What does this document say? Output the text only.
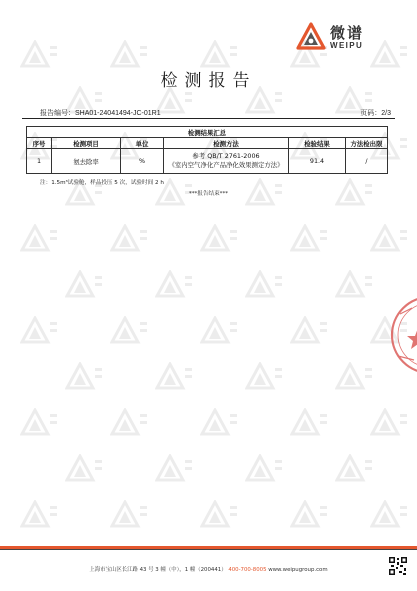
微谱
WEIPU
检测报告
报告编号：SHA01-24041494-JC-01R1	页码：2/3
检测结果汇总					
序号	检测项目	单位	检测方法	检验结果	方法检出限
1	氨去除率	%	参考 QB/T 2761-2006
《室内空气净化产品净化效果测定方法》	91.4	/
注：1.5m³试验舱，样品投压 5 次，试验时间 2 h
***报告结束***
上海市宝山区长江路 43 号 3 幢（中），1 幢（200441） 400-700-8005 www.weipugroup.com
